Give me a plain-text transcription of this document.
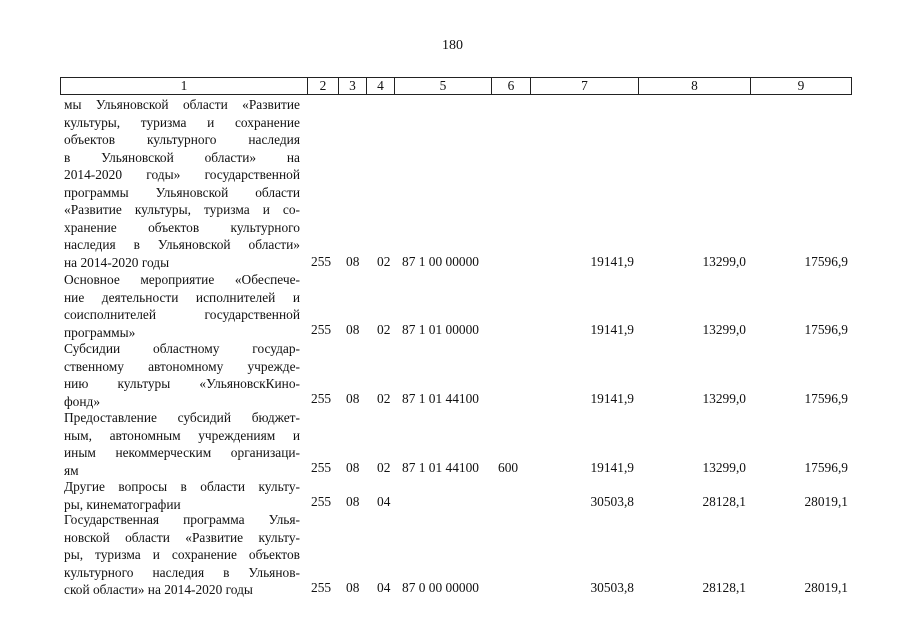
180
1	2	3	4	5	6	7	8	9
мы Ульяновской области «Развитие
культуры, туризма и сохранение
объектов культурного наследия
в Ульяновской области» на
2014-2020 годы» государственной
программы Ульяновской области
«Развитие культуры, туризма и со-
хранение объектов культурного
наследия в Ульяновской области»
на 2014-2020 годы	255 08 02 87 1 00 00000	19141,9	13299,0	17596,9
Основное мероприятие «Обеспече-
ние деятельности исполнителей и
соисполнителей государственной
программы»	255 08 02 87 1 01 00000	19141,9	13299,0	17596,9
Субсидии областному государ-
ственному автономному учрежде-
нию культуры «УльяновскКино-
фонд»	255 08 02 87 1 01 44100	19141,9	13299,0	17596,9
Предоставление субсидий бюджет-
ным, автономным учреждениям и
иным некоммерческим организаци-
ям	255 08 02 87 1 01 44100 600	19141,9	13299,0	17596,9
Другие вопросы в области культу-
ры, кинематографии	255 08 04	30503,8	28128,1	28019,1
Государственная программа Улья-
новской области «Развитие культу-
ры, туризма и сохранение объектов
культурного наследия в Ульянов-
ской области» на 2014-2020 годы	255 08 04 87 0 00 00000	30503,8	28128,1	28019,1
